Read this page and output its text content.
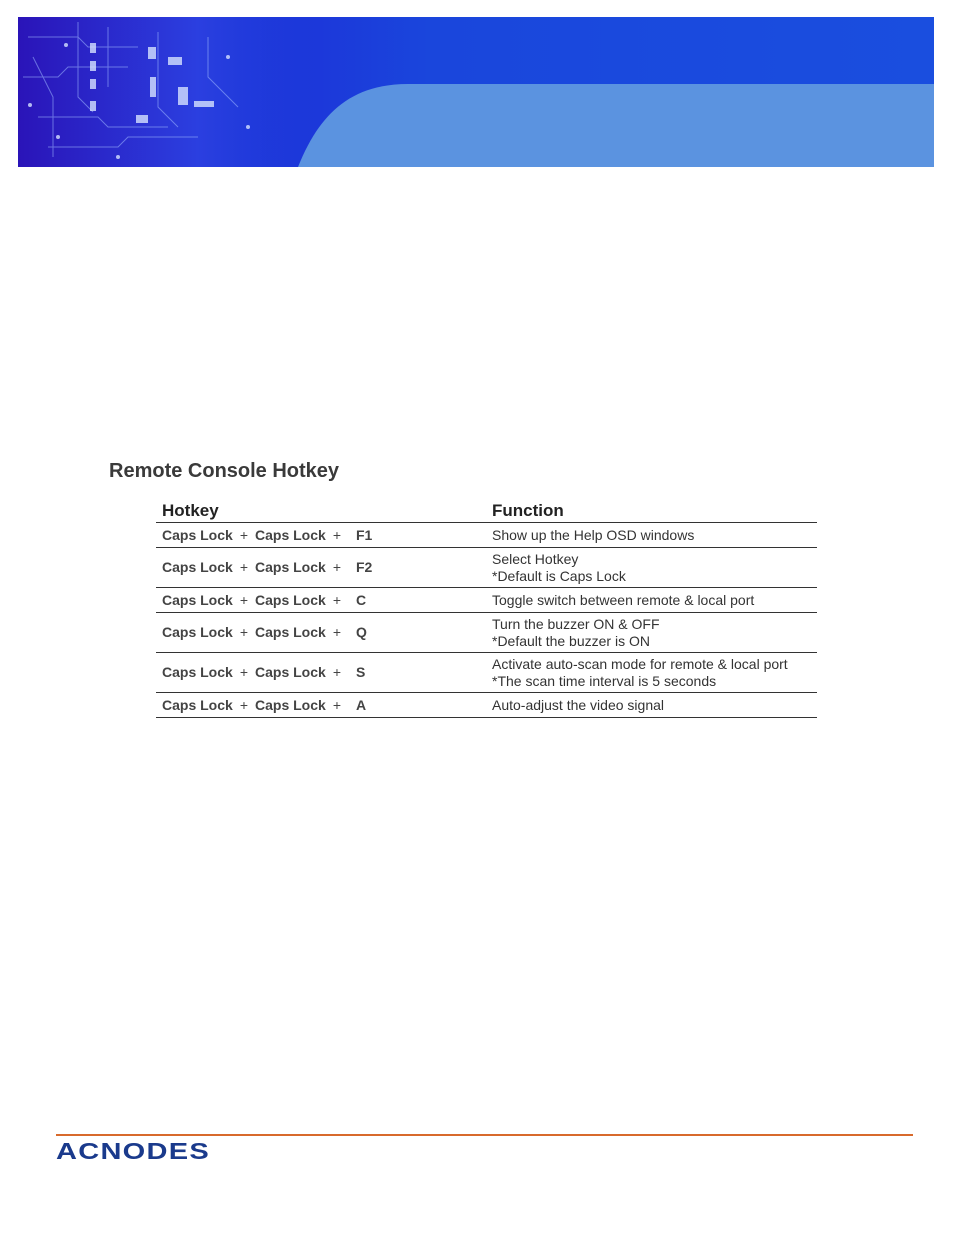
Remote Console Hotkey
Hotkey	Function
Caps Lock + Caps Lock + F1	Show up the Help OSD windows

Caps Lock + Caps Lock + F2	Select Hotkey
*Default is Caps Lock

Caps Lock + Caps Lock + C	Toggle switch between remote & local port

Caps Lock + Caps Lock + Q	Turn the buzzer ON & OFF
*Default the buzzer is ON

Caps Lock + Caps Lock + S	Activate auto-scan mode for remote & local port
*The scan time interval is 5 seconds

Caps Lock + Caps Lock + A	Auto-adjust the video signal
ACNODES
